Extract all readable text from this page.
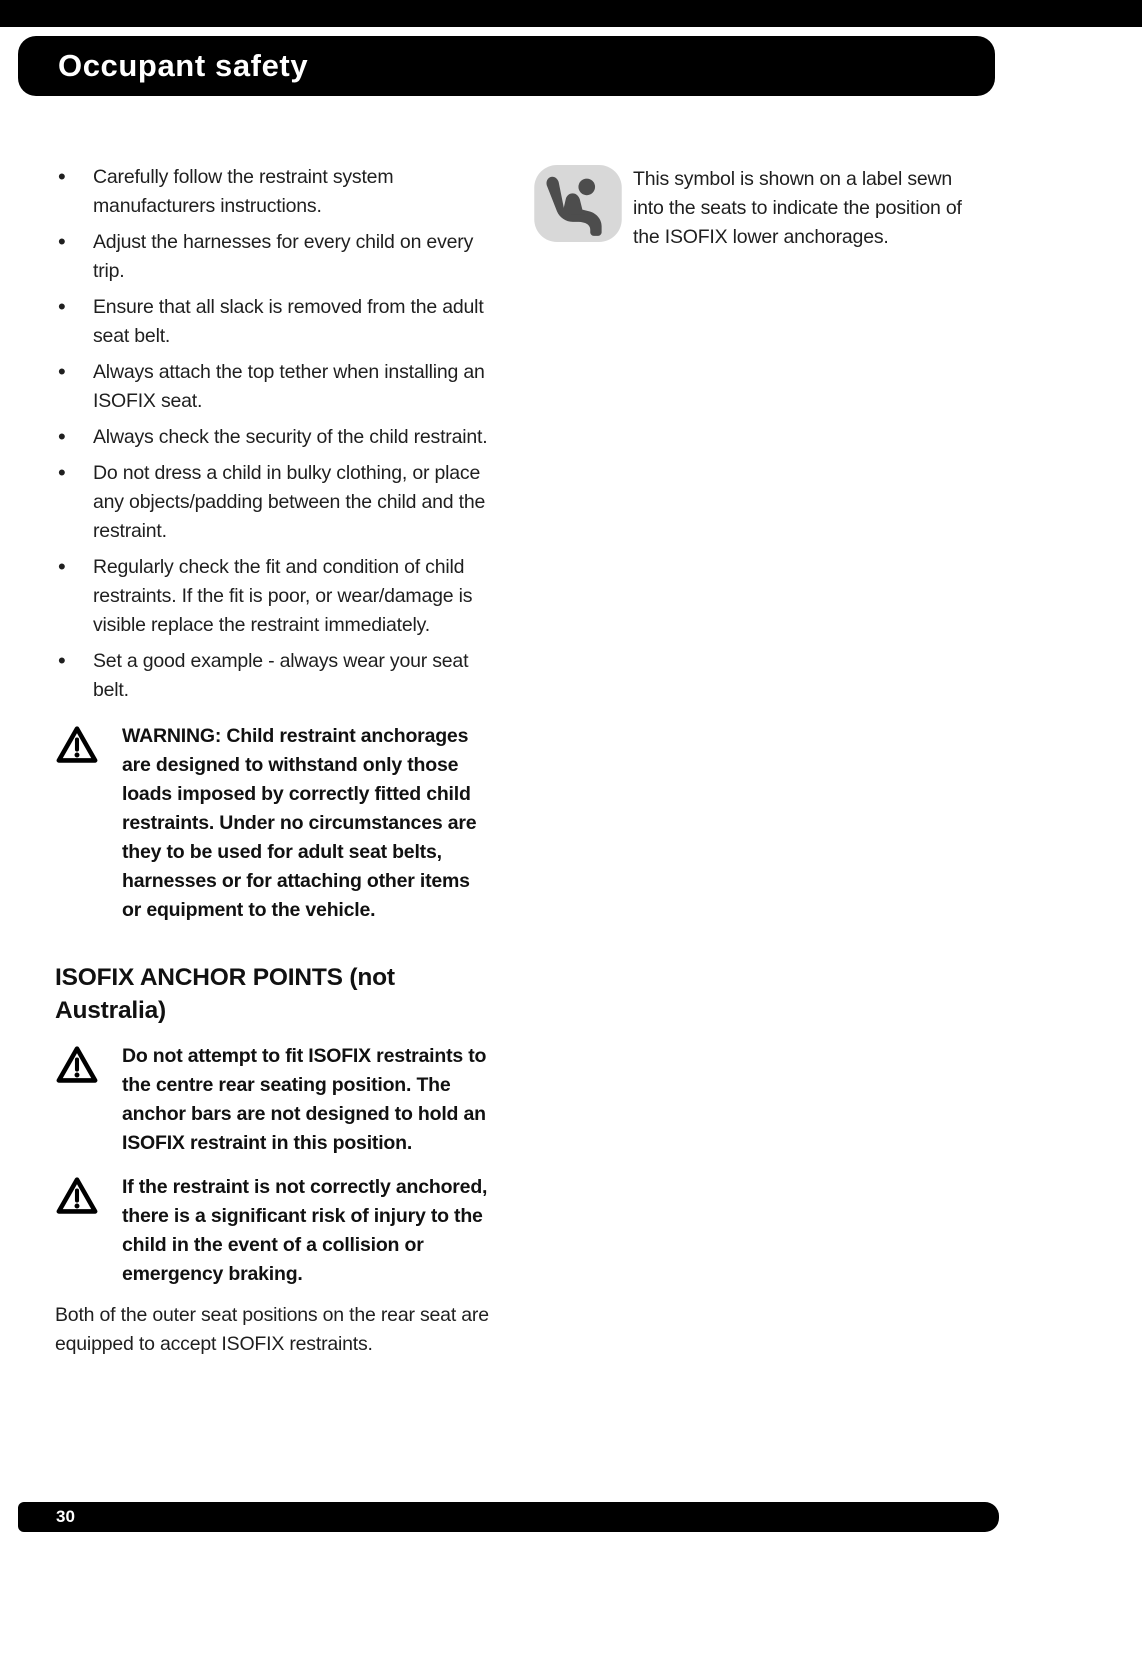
Occupant safety
• Carefully follow the restraint system manufacturers instructions.
• Adjust the harnesses for every child on every trip.
• Ensure that all slack is removed from the adult seat belt.
• Always attach the top tether when installing an ISOFIX seat.
• Always check the security of the child restraint.
• Do not dress a child in bulky clothing, or place any objects/padding between the child and the restraint.
• Regularly check the fit and condition of child restraints. If the fit is poor, or wear/damage is visible replace the restraint immediately.
• Set a good example - always wear your seat belt.

WARNING: Child restraint anchorages are designed to withstand only those loads imposed by correctly fitted child restraints. Under no circumstances are they to be used for adult seat belts, harnesses or for attaching other items or equipment to the vehicle.

ISOFIX ANCHOR POINTS (not Australia)

Do not attempt to fit ISOFIX restraints to the centre rear seating position. The anchor bars are not designed to hold an ISOFIX restraint in this position.

If the restraint is not correctly anchored, there is a significant risk of injury to the child in the event of a collision or emergency braking.

Both of the outer seat positions on the rear seat are equipped to accept ISOFIX restraints.

This symbol is shown on a label sewn into the seats to indicate the position of the ISOFIX lower anchorages.
30
